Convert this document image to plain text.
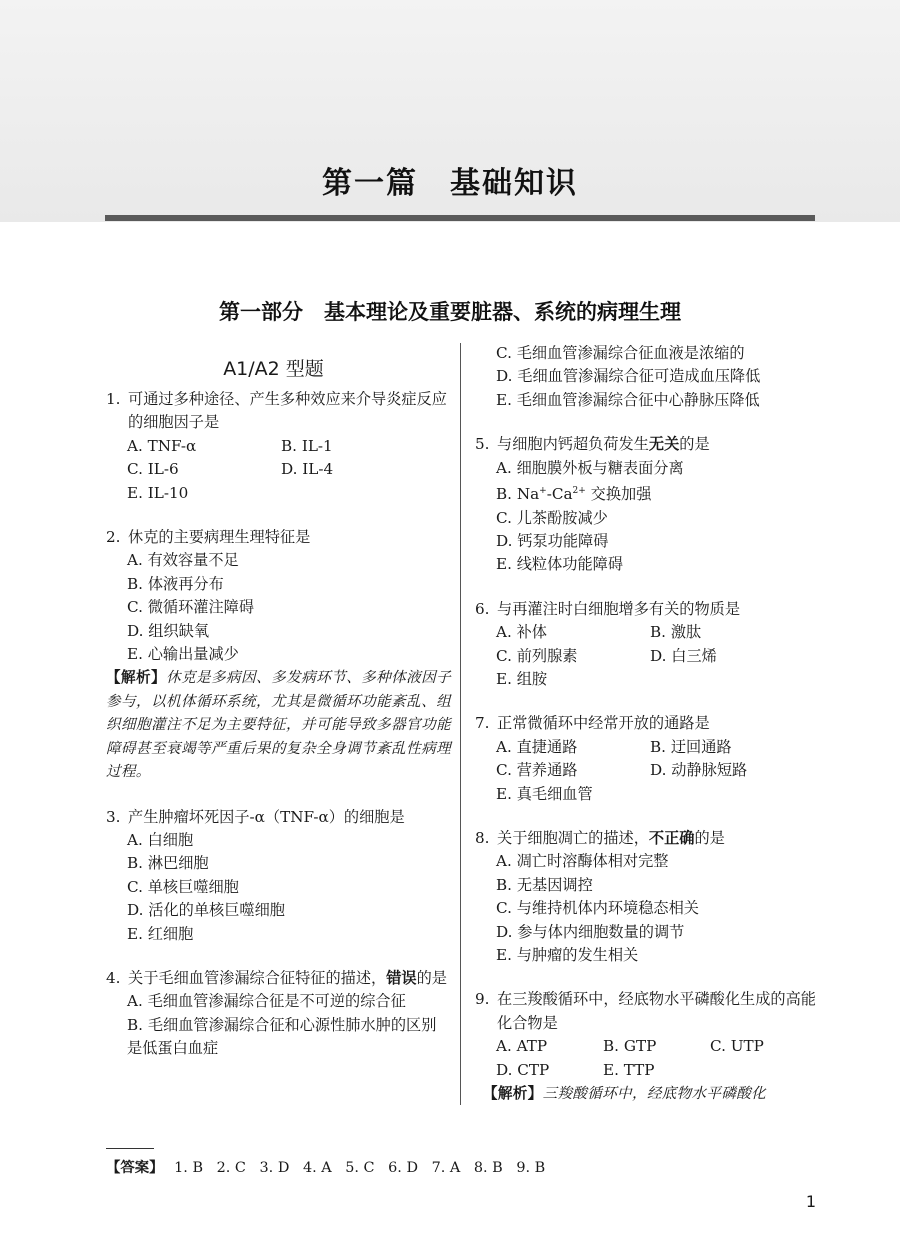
第一篇　基础知识
第一部分　基本理论及重要脏器、系统的病理生理
A1/A2 型题
1. 可通过多种途径、产生多种效应来介导炎症反应的细胞因子是
A. TNF-α	B. IL-1
C. IL-6	D. IL-4
E. IL-10
2. 休克的主要病理生理特征是
A. 有效容量不足
B. 体液再分布
C. 微循环灌注障碍
D. 组织缺氧
E. 心输出量减少
【解析】休克是多病因、多发病环节、多种体液因子参与，以机体循环系统，尤其是微循环功能紊乱、组织细胞灌注不足为主要特征，并可能导致多器官功能障碍甚至衰竭等严重后果的复杂全身调节紊乱性病理过程。
3. 产生肿瘤坏死因子-α（TNF-α）的细胞是
A. 白细胞
B. 淋巴细胞
C. 单核巨噬细胞
D. 活化的单核巨噬细胞
E. 红细胞
4. 关于毛细血管渗漏综合征特征的描述，错误的是
A. 毛细血管渗漏综合征是不可逆的综合征
B. 毛细血管渗漏综合征和心源性肺水肿的区别是低蛋白血症
C. 毛细血管渗漏综合征血液是浓缩的
D. 毛细血管渗漏综合征可造成血压降低
E. 毛细血管渗漏综合征中心静脉压降低
5. 与细胞内钙超负荷发生无关的是
A. 细胞膜外板与糖表面分离
B. $Na^+-Ca^{2+}$ 交换加强
C. 儿茶酚胺减少
D. 钙泵功能障碍
E. 线粒体功能障碍
6. 与再灌注时白细胞增多有关的物质是
A. 补体	B. 激肽
C. 前列腺素	D. 白三烯
E. 组胺
7. 正常微循环中经常开放的通路是
A. 直捷通路	B. 迂回通路
C. 营养通路	D. 动静脉短路
E. 真毛细血管
8. 关于细胞凋亡的描述，不正确的是
A. 凋亡时溶酶体相对完整
B. 无基因调控
C. 与维持机体内环境稳态相关
D. 参与体内细胞数量的调节
E. 与肿瘤的发生相关
9. 在三羧酸循环中，经底物水平磷酸化生成的高能化合物是
A. ATP	B. GTP	C. UTP
D. CTP	E. TTP
【解析】三羧酸循环中，经底物水平磷酸化
【答案】 1. B 2. C 3. D 4. A 5. C 6. D 7. A 8. B 9. B
1
